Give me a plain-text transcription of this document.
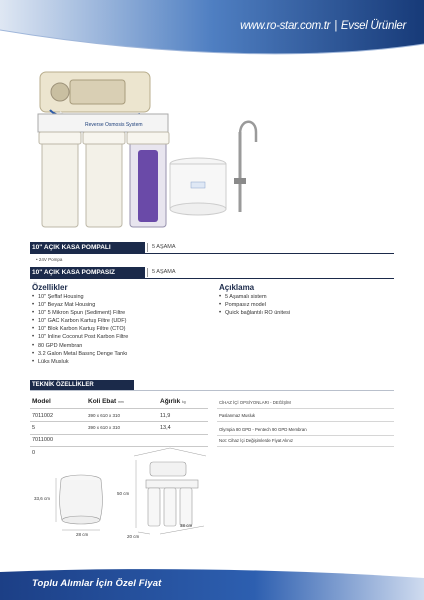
www.ro-star.com.tr | Evsel Ürünler
Reverse Osmosis System
10" AÇIK KASA POMPALI	5 AŞAMA
• 24V Pompa
10" AÇIK KASA POMPASIZ	5 AŞAMA
Özellikler
• 10" Şeffaf Housing
• 10" Beyaz Mat Housing
• 10" 5 Mikron Spun (Sediment) Filtre
• 10" GAC Karbon Kartuş Filtre (UDF)
• 10" Blok Karbon Kartuş Filtre (CTO)
• 10" Inline Coconut Post Karbon Filtre
• 80 GPD Membran
• 3.2 Galon Metal Basınç Denge Tankı
• Lüks Musluk
Açıklama
• 5 Aşamalı sistem
• Pompasız model
• Quick bağlantılı RO ünitesi
TEKNİK ÖZELLİKLER
Model	Koli Ebat mm	Ağırlık kg
7011002	390 x 610 x 310	11,9
5	390 x 610 x 310	13,4
7011000
0
CİHAZ İÇİ OPSİYONLARI - DEĞİŞİM
Paslanmaz Musluk
Olympia 80 GPD - Pentech 90 GPD Membran
Not: Cihaz İçi Değişimlerde Fiyat Alınız
33,6 cm
28 cm
50 cm
20 cm
38 cm
Toplu Alımlar İçin Özel Fiyat
